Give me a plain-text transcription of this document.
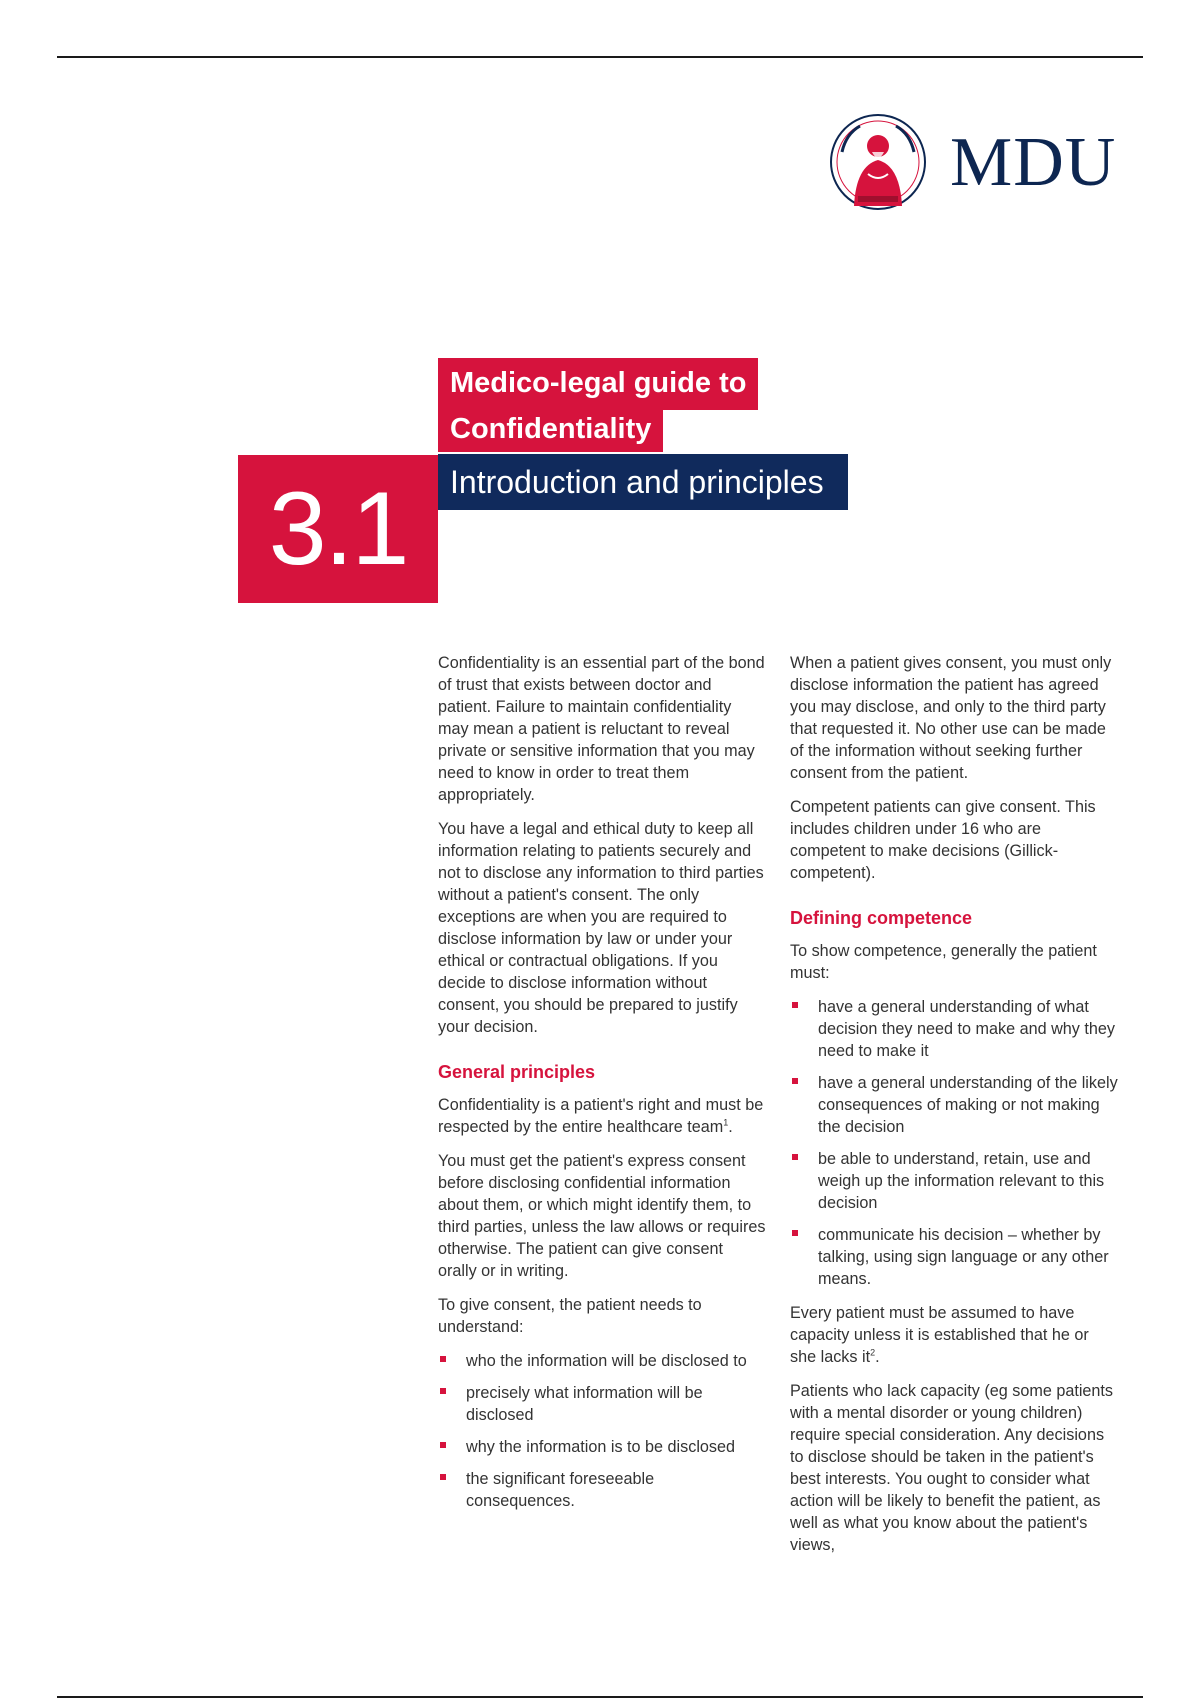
MDU
Medico-legal guide to
Confidentiality
Introduction and principles
3.1

Confidentiality is an essential part of the bond of trust that exists between doctor and patient. Failure to maintain confidentiality may mean a patient is reluctant to reveal private or sensitive information that you may need to know in order to treat them appropriately.

You have a legal and ethical duty to keep all information relating to patients securely and not to disclose any information to third parties without a patient's consent. The only exceptions are when you are required to disclose information by law or under your ethical or contractual obligations. If you decide to disclose information without consent, you should be prepared to justify your decision.

General principles

Confidentiality is a patient's right and must be respected by the entire healthcare team$^1$.

You must get the patient's express consent before disclosing confidential information about them, or which might identify them, to third parties, unless the law allows or requires otherwise. The patient can give consent orally or in writing.

To give consent, the patient needs to understand:

who the information will be disclosed to
precisely what information will be disclosed
why the information is to be disclosed
the significant foreseeable consequences.

When a patient gives consent, you must only disclose information the patient has agreed you may disclose, and only to the third party that requested it. No other use can be made of the information without seeking further consent from the patient.

Competent patients can give consent. This includes children under 16 who are competent to make decisions (Gillick-competent).

Defining competence

To show competence, generally the patient must:

have a general understanding of what decision they need to make and why they need to make it
have a general understanding of the likely consequences of making or not making the decision
be able to understand, retain, use and weigh up the information relevant to this decision
communicate his decision – whether by talking, using sign language or any other means.

Every patient must be assumed to have capacity unless it is established that he or she lacks $it^2$.

Patients who lack capacity (eg some patients with a mental disorder or young children) require special consideration. Any decisions to disclose should be taken in the patient's best interests. You ought to consider what action will be likely to benefit the patient, as well as what you know about the patient's views,
